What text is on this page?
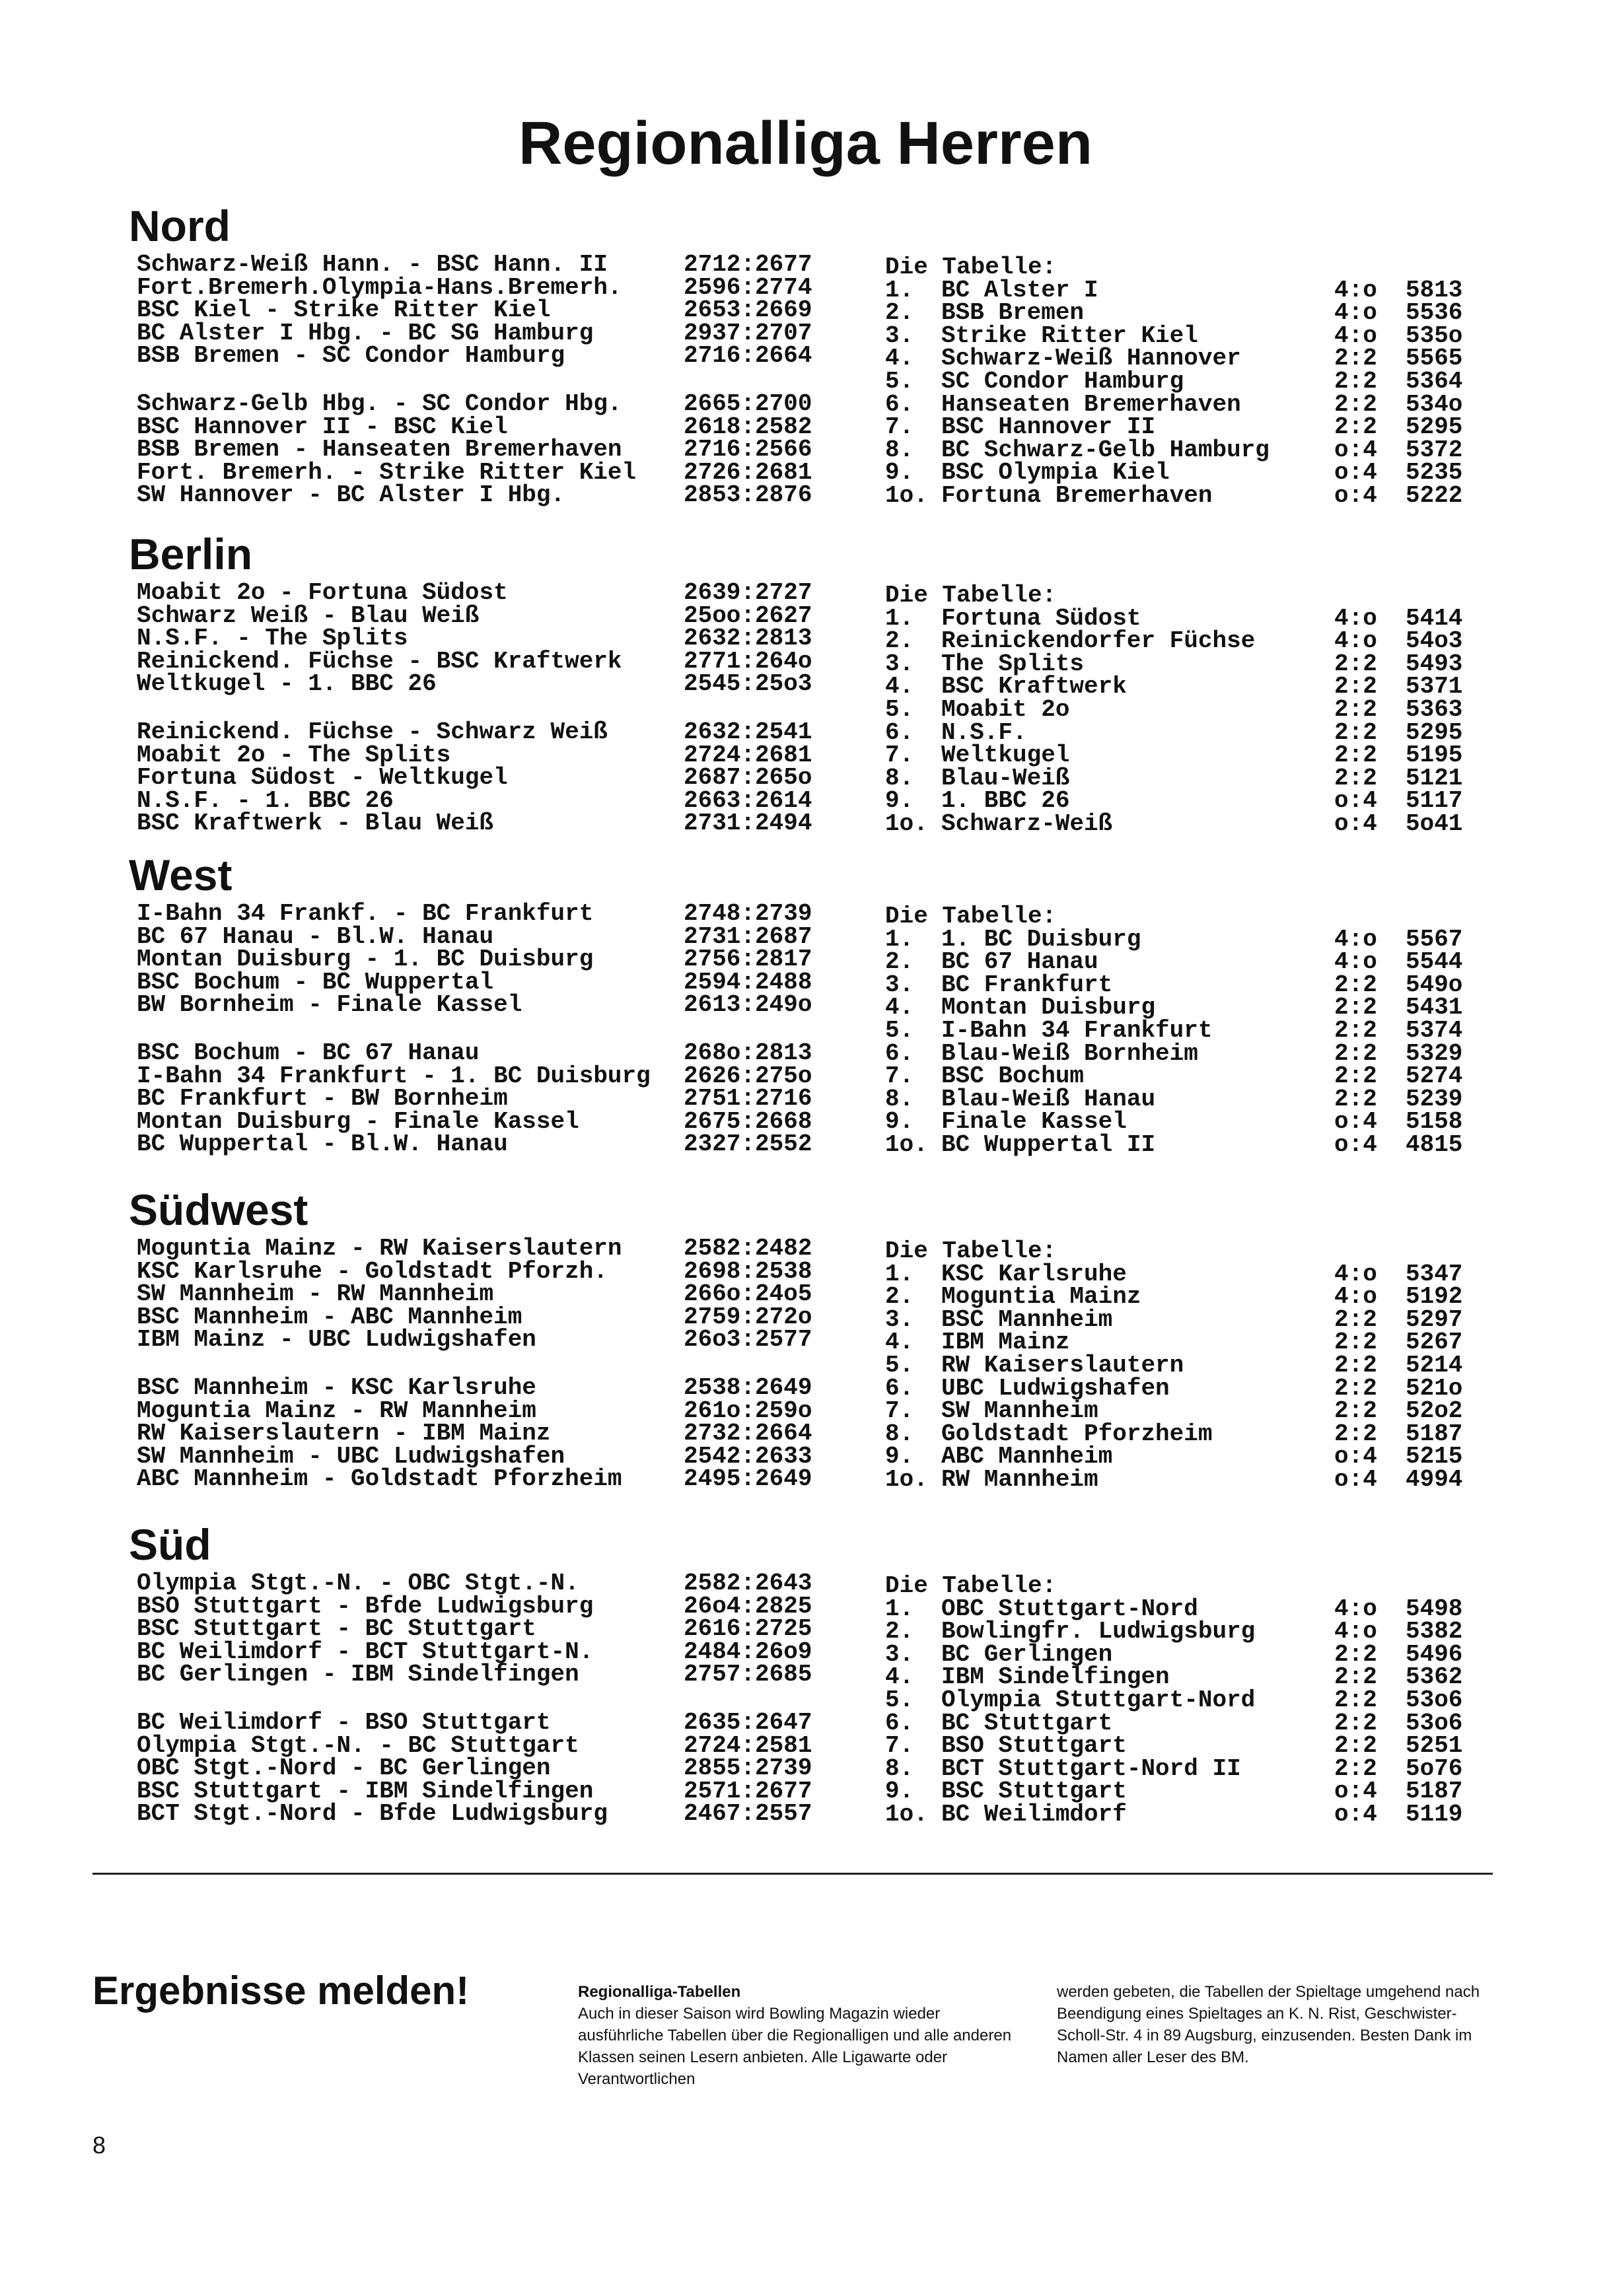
Regionalliga Herren
Nord
Schwarz-Weiß Hann. - BSC Hann. II	2712:2677
Fort.Bremerh.Olympia-Hans.Bremerh.	2596:2774
BSC Kiel - Strike Ritter Kiel	2653:2669
BC Alster I Hbg. - BC SG Hamburg	2937:2707
BSB Bremen - SC Condor Hamburg	2716:2664
Schwarz-Gelb Hbg. - SC Condor Hbg.	2665:2700
BSC Hannover II - BSC Kiel	2618:2582
BSB Bremen - Hanseaten Bremerhaven	2716:2566
Fort. Bremerh. - Strike Ritter Kiel 2726:2681
SW Hannover - BC Alster I Hbg.	2853:2876
Die Tabelle:
1. BC Alster I	4:o 5813
2. BSB Bremen	4:o 5536
3. Strike Ritter Kiel	4:o 535o
4. Schwarz-Weiß Hannover	2:2 5565
5. SC Condor Hamburg	2:2 5364
6. Hanseaten Bremerhaven	2:2 534o
7. BSC Hannover II	2:2 5295
8. BC Schwarz-Gelb Hamburg	o:4 5372
9. BSC Olympia Kiel	o:4 5235
1o. Fortuna Bremerhaven	o:4 5222
Berlin
Moabit 2o - Fortuna Südost	2639:2727
Schwarz Weiß - Blau Weiß	25oo:2627
N.S.F. - The Splits	2632:2813
Reinickend. Füchse - BSC Kraftwerk	2771:264o
Weltkugel - 1. BBC 26	2545:25o3
Reinickend. Füchse - Schwarz Weiß	2632:2541
Moabit 2o - The Splits	2724:2681
Fortuna Südost - Weltkugel	2687:265o
N.S.F. - 1. BBC 26	2663:2614
BSC Kraftwerk - Blau Weiß	2731:2494
Die Tabelle:
1. Fortuna Südost	4:o 5414
2. Reinickendorfer Füchse	4:o 54o3
3. The Splits	2:2 5493
4. BSC Kraftwerk	2:2 5371
5. Moabit 2o	2:2 5363
6. N.S.F.	2:2 5295
7. Weltkugel	2:2 5195
8. Blau-Weiß	2:2 5121
9. 1. BBC 26	o:4 5117
1o. Schwarz-Weiß	o:4 5o41
West
I-Bahn 34 Frankf. - BC Frankfurt	2748:2739
BC 67 Hanau - Bl.W. Hanau	2731:2687
Montan Duisburg - 1. BC Duisburg	2756:2817
BSC Bochum - BC Wuppertal	2594:2488
BW Bornheim - Finale Kassel	2613:249o
BSC Bochum - BC 67 Hanau	268o:2813
I-Bahn 34 Frankfurt - 1. BC Duisburg 2626:275o
BC Frankfurt - BW Bornheim	2751:2716
Montan Duisburg - Finale Kassel	2675:2668
BC Wuppertal - Bl.W. Hanau	2327:2552
Die Tabelle:
1. 1. BC Duisburg	4:o 5567
2. BC 67 Hanau	4:o 5544
3. BC Frankfurt	2:2 549o
4. Montan Duisburg	2:2 5431
5. I-Bahn 34 Frankfurt	2:2 5374
6. Blau-Weiß Bornheim	2:2 5329
7. BSC Bochum	2:2 5274
8. Blau-Weiß Hanau	2:2 5239
9. Finale Kassel	o:4 5158
1o. BC Wuppertal II	o:4 4815
Südwest
Moguntia Mainz - RW Kaiserslautern	2582:2482
KSC Karlsruhe - Goldstadt Pforzh.	2698:2538
SW Mannheim - RW Mannheim	266o:24o5
BSC Mannheim - ABC Mannheim	2759:272o
IBM Mainz - UBC Ludwigshafen	26o3:2577
BSC Mannheim - KSC Karlsruhe	2538:2649
Moguntia Mainz - RW Mannheim	261o:259o
RW Kaiserslautern - IBM Mainz	2732:2664
SW Mannheim - UBC Ludwigshafen	2542:2633
ABC Mannheim - Goldstadt Pforzheim	2495:2649
Die Tabelle:
1. KSC Karlsruhe	4:o 5347
2. Moguntia Mainz	4:o 5192
3. BSC Mannheim	2:2 5297
4. IBM Mainz	2:2 5267
5. RW Kaiserslautern	2:2 5214
6. UBC Ludwigshafen	2:2 521o
7. SW Mannheim	2:2 52o2
8. Goldstadt Pforzheim	2:2 5187
9. ABC Mannheim	o:4 5215
1o. RW Mannheim	o:4 4994
Süd
Olympia Stgt.-N. - OBC Stgt.-N.	2582:2643
BSO Stuttgart - Bfde Ludwigsburg	26o4:2825
BSC Stuttgart - BC Stuttgart	2616:2725
BC Weilimdorf - BCT Stuttgart-N.	2484:26o9
BC Gerlingen - IBM Sindelfingen	2757:2685
BC Weilimdorf - BSO Stuttgart	2635:2647
Olympia Stgt.-N. - BC Stuttgart	2724:2581
OBC Stgt.-Nord - BC Gerlingen	2855:2739
BSC Stuttgart - IBM Sindelfingen	2571:2677
BCT Stgt.-Nord - Bfde Ludwigsburg	2467:2557
Die Tabelle:
1. OBC Stuttgart-Nord	4:o 5498
2. Bowlingfr. Ludwigsburg	4:o 5382
3. BC Gerlingen	2:2 5496
4. IBM Sindelfingen	2:2 5362
5. Olympia Stuttgart-Nord	2:2 53o6
6. BC Stuttgart	2:2 53o6
7. BSO Stuttgart	2:2 5251
8. BCT Stuttgart-Nord II	2:2 5o76
9. BSC Stuttgart	o:4 5187
1o. BC Weilimdorf	o:4 5119
Ergebnisse melden!	Regionalliga-Tabellen
Auch in dieser Saison wird Bowling Magazin wieder ausführliche Tabellen über die Regionalligen und alle anderen Klassen seinen Lesern anbieten. Alle Ligawarte oder Verantwortlichen
werden gebeten, die Tabellen der Spieltage umgehend nach Beendigung eines Spieltages an K. N. Rist, Geschwister-Scholl-Str. 4 in 89 Augsburg, einzusenden. Besten Dank im Namen aller Leser des BM.
8
